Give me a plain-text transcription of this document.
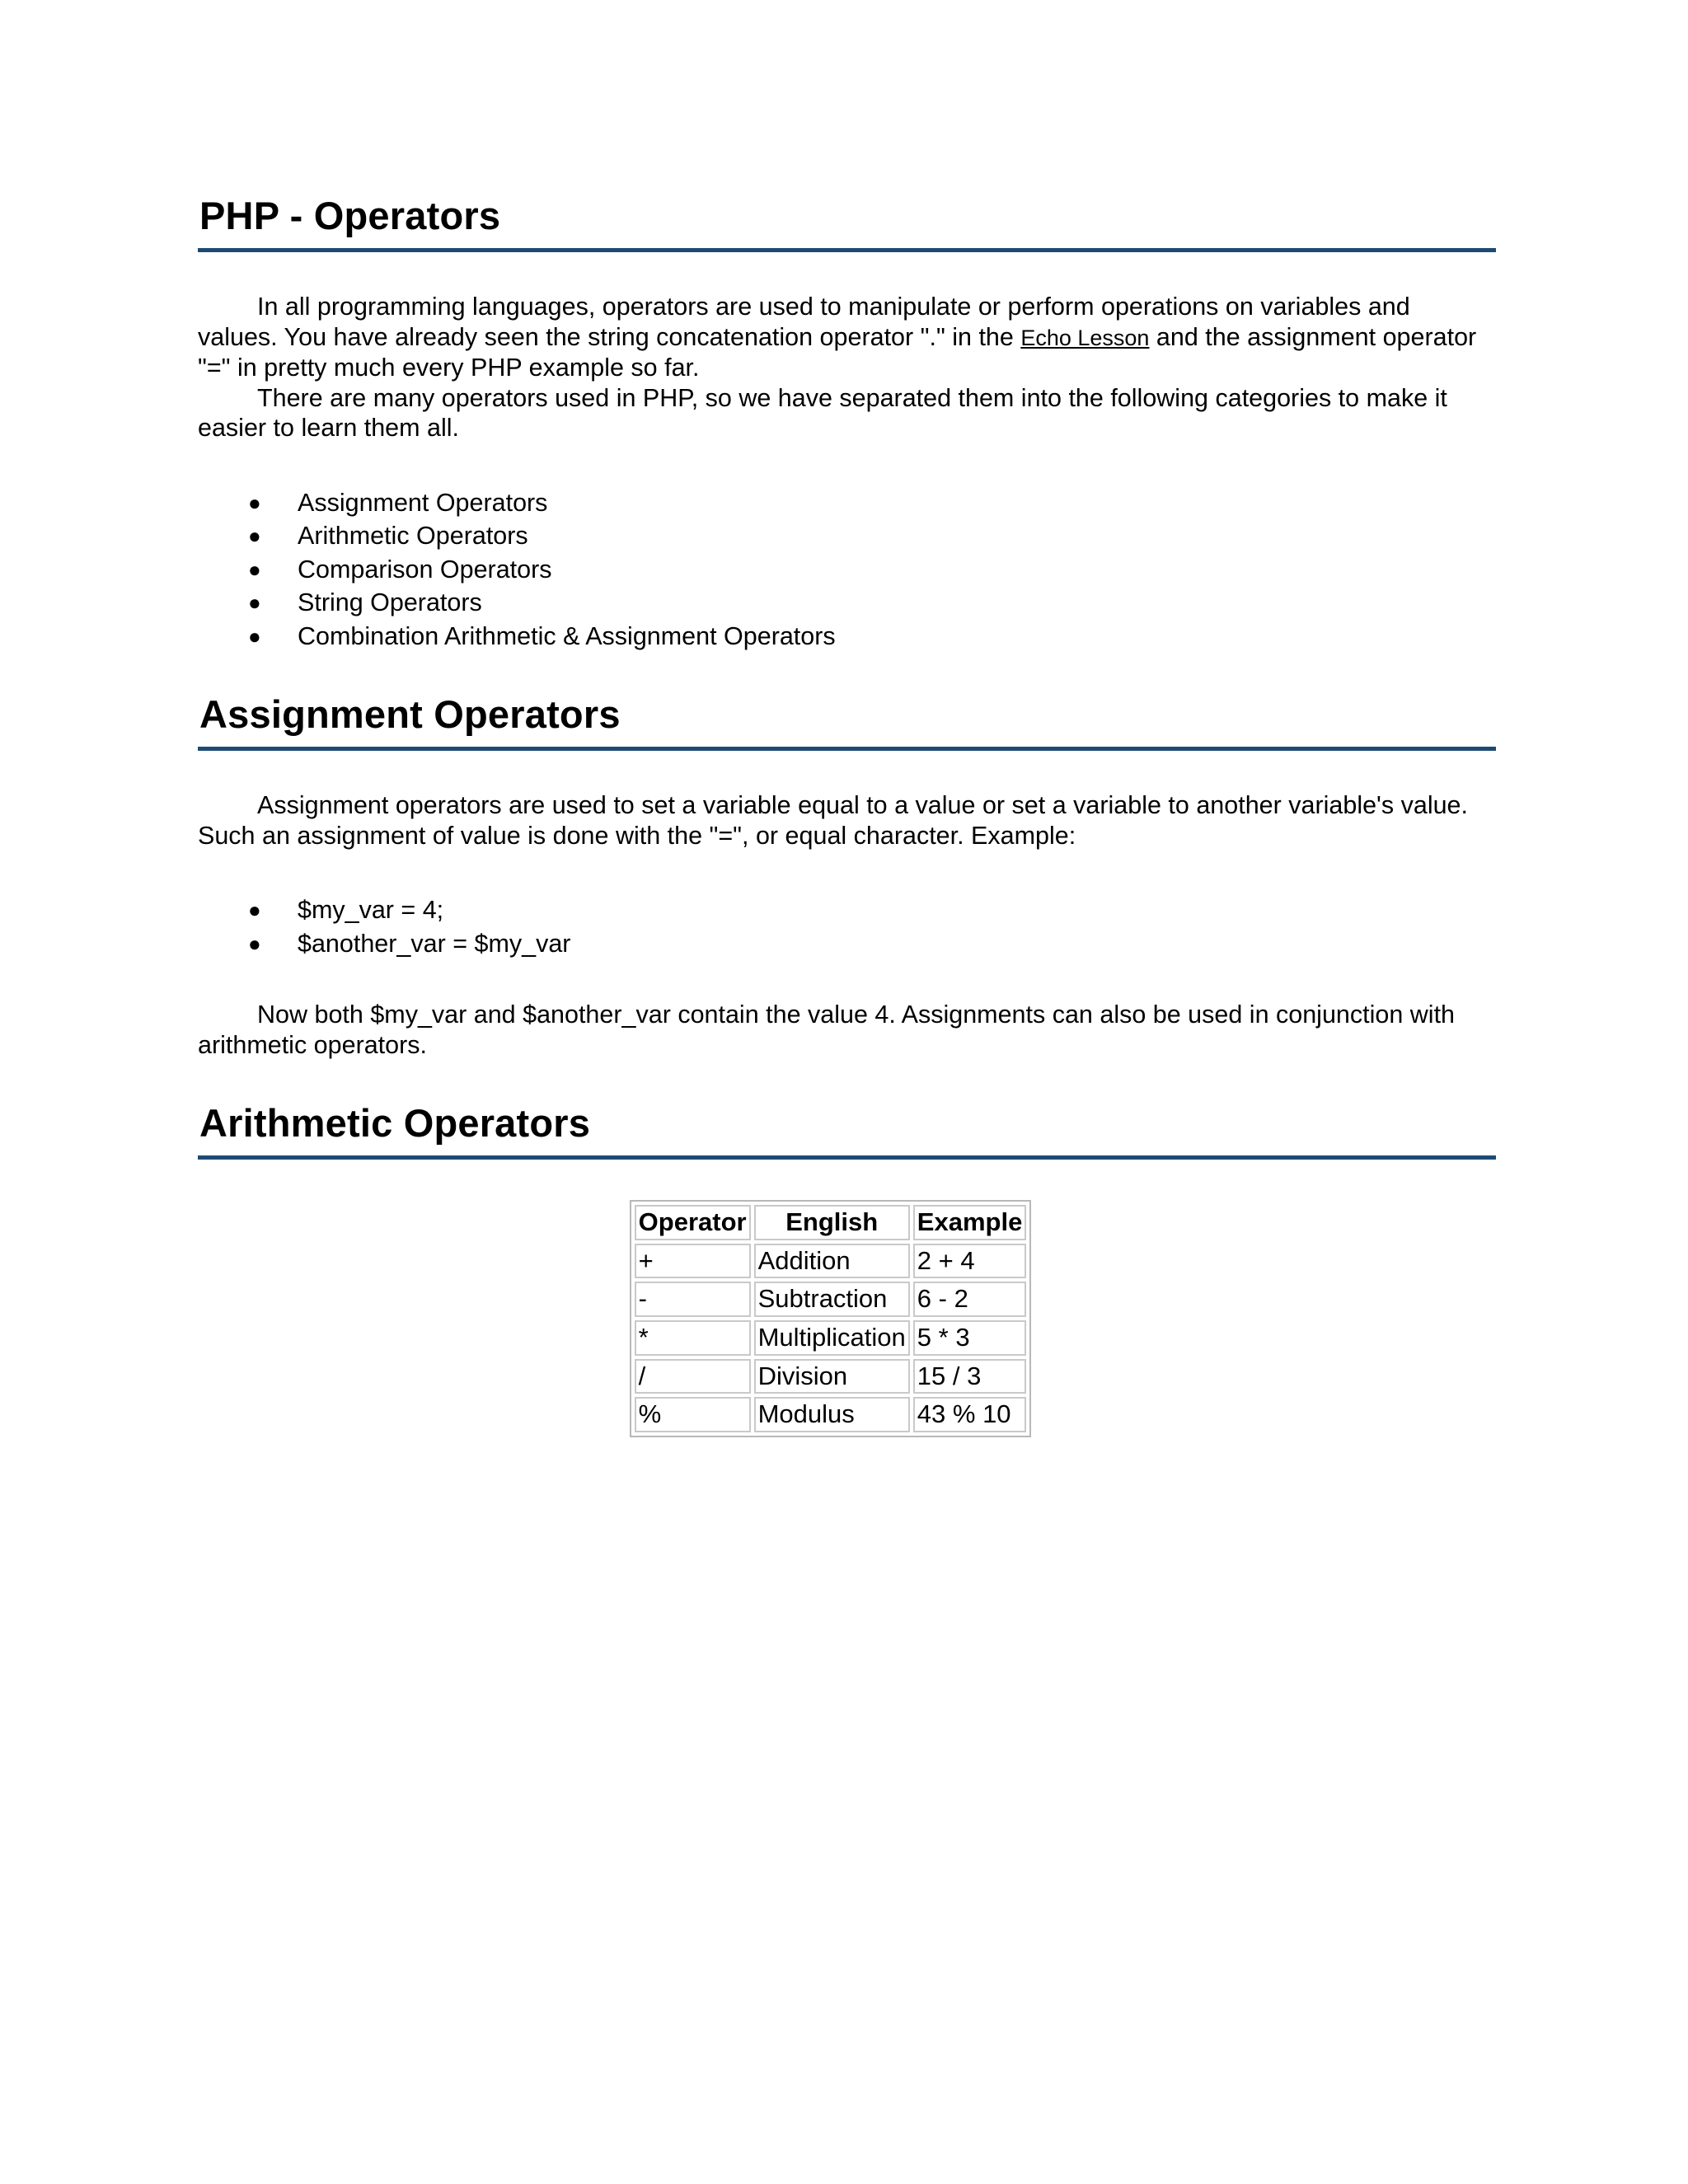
PHP - Operators

In all programming languages, operators are used to manipulate or perform operations on variables and values. You have already seen the string concatenation operator "." in the Echo Lesson and the assignment operator "=" in pretty much every PHP example so far.

There are many operators used in PHP, so we have separated them into the following categories to make it easier to learn them all.

● Assignment Operators
● Arithmetic Operators
● Comparison Operators
● String Operators
● Combination Arithmetic & Assignment Operators
Assignment Operators

Assignment operators are used to set a variable equal to a value or set a variable to another variable's value. Such an assignment of value is done with the "=", or equal character. Example:

● $my_var = 4;
● $another_var = $my_var

Now both $my_var and $another_var contain the value 4. Assignments can also be used in conjunction with arithmetic operators.

Arithmetic Operators
Operator	English	Example
+	Addition	2 + 4
-	Subtraction	6 - 2
*	Multiplication	5 * 3
/	Division	15 / 3
%	Modulus	43 % 10
